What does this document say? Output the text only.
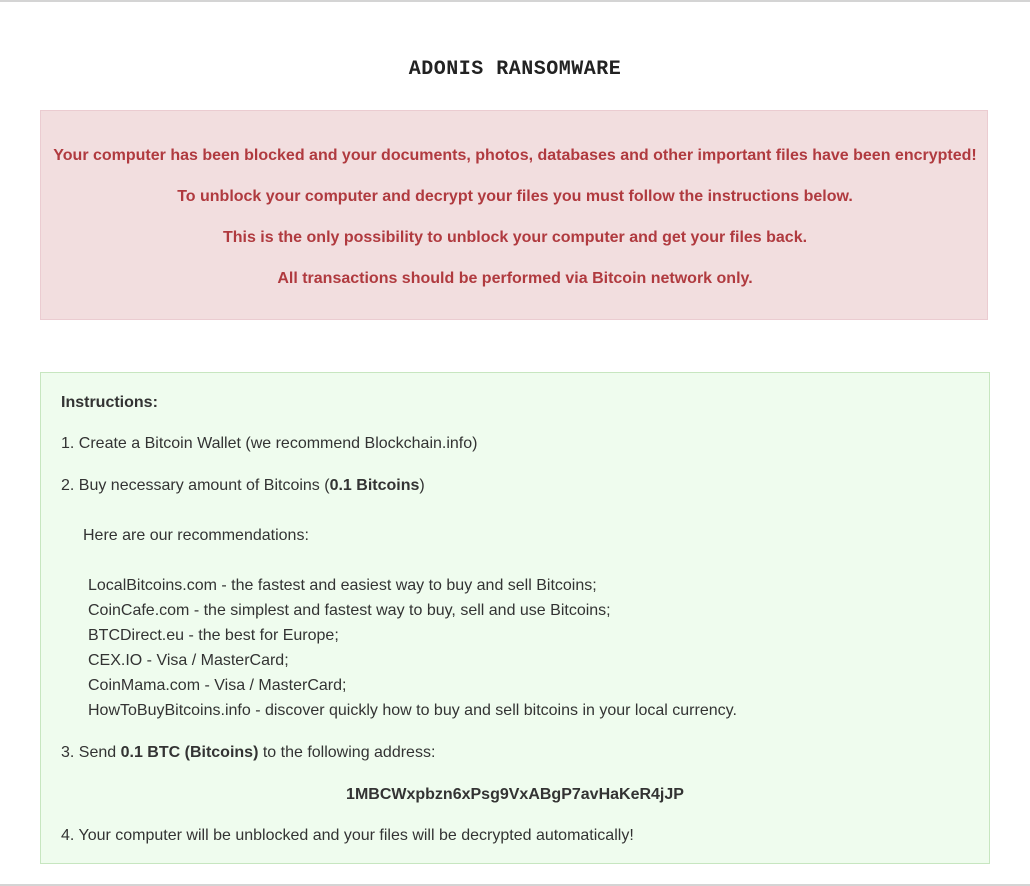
ADONIS RANSOMWARE
Your computer has been blocked and your documents, photos, databases and other important files have been encrypted!
To unblock your computer and decrypt your files you must follow the instructions below.
This is the only possibility to unblock your computer and get your files back.
All transactions should be performed via Bitcoin network only.
Instructions:
1. Create a Bitcoin Wallet (we recommend Blockchain.info)
2. Buy necessary amount of Bitcoins (0.1 Bitcoins)
Here are our recommendations:
LocalBitcoins.com - the fastest and easiest way to buy and sell Bitcoins;
CoinCafe.com - the simplest and fastest way to buy, sell and use Bitcoins;
BTCDirect.eu - the best for Europe;
CEX.IO - Visa / MasterCard;
CoinMama.com - Visa / MasterCard;
HowToBuyBitcoins.info - discover quickly how to buy and sell bitcoins in your local currency.
3. Send 0.1 BTC (Bitcoins) to the following address:
1MBCWxpbzn6xPsg9VxABgP7avHaKeR4jJP
4. Your computer will be unblocked and your files will be decrypted automatically!
